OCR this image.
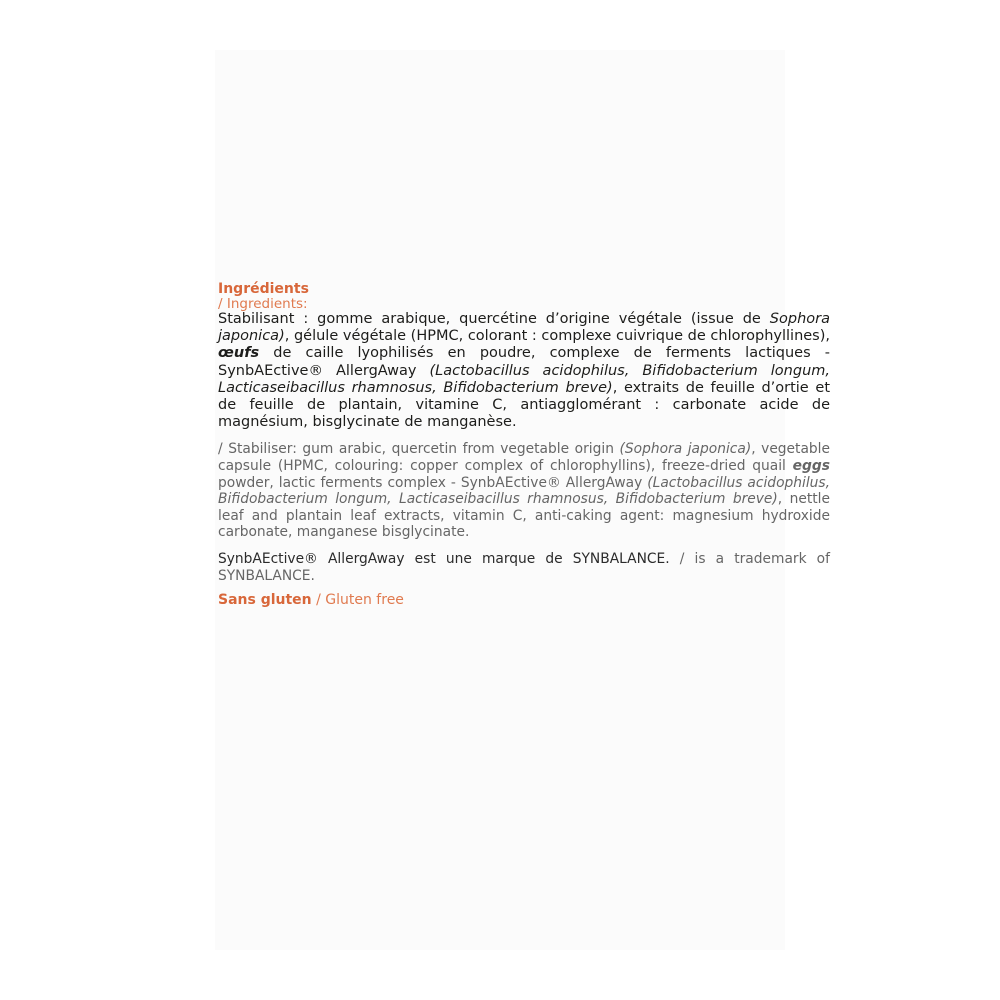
Ingrédients
/ Ingredients:

Stabilisant : gomme arabique, quercétine d’origine végétale (issue de Sophora japonica), gélule végétale (HPMC, colorant : complexe cuivrique de chlorophyllines), œufs de caille lyophilisés en poudre, complexe de ferments lactiques - SynbAEctive® AllergAway (Lactobacillus acidophilus, Bifidobacterium longum, Lacticaseibacillus rhamnosus, Bifidobacterium breve), extraits de feuille d’ortie et de feuille de plantain, vitamine C, antiagglomérant : carbonate acide de magnésium, bisglycinate de manganèse.

/ Stabiliser: gum arabic, quercetin from vegetable origin (Sophora japonica), vegetable capsule (HPMC, colouring: copper complex of chlorophyllins), freeze-dried quail eggs powder, lactic ferments complex - SynbAEctive® AllergAway (Lactobacillus acidophilus, Bifidobacterium longum, Lacticaseibacillus rhamnosus, Bifidobacterium breve), nettle leaf and plantain leaf extracts, vitamin C, anti-caking agent: magnesium hydroxide carbonate, manganese bisglycinate.

SynbAEctive® AllergAway est une marque de SYNBALANCE. / is a trademark of SYNBALANCE.

Sans gluten / Gluten free
